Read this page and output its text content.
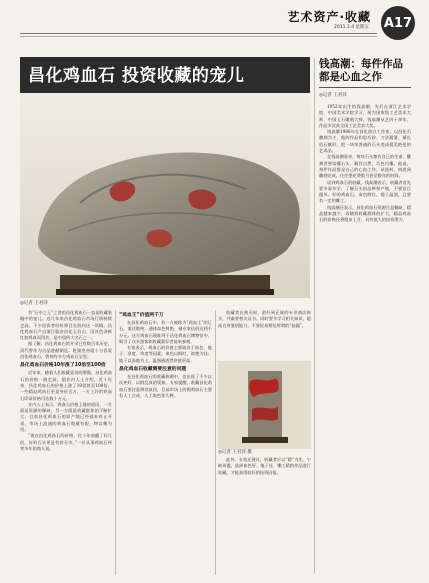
艺术资产·收藏
2011.3.4 星期五 A17
昌化鸡血石 投资收藏的宠儿
◎记者 王君萍
钱高潮：每件作品都是心血之作
◎记者 王君萍

1952年出生的钱高潮，先后在浙江艺术学院、中国美术学院学习，现为国家级工艺美术大师、中国玉石雕刻大师，钱高潮从艺四十余年，作品多次获全国工艺美术大奖。

钱高潮1986年在昌化创办工作室，以昌化石雕刻为主，他的作品构思巧妙、刀法精湛，擅长依石赋形，把一块块普通的石头变成精美绝伦的艺术品。

在钱高潮看来，每块石头都有自己的生命，雕刻者要读懂石头，顺其自然，巧色巧雕。他说，每件作品都是自己的心血之作，从选料、构思到雕刻完成，往往要花费数月甚至数年的时间。

谈到鸡血石的收藏，钱高潮表示，收藏者首先要多看多学，了解石头的品种和产地，不要盲目跟风。好的鸡血石，血色鲜红，地子温润，且要有一定的雕工。

钱高潮还表示，昌化鸡血石资源日益稀缺，精品越来越少，而随着收藏群体的扩大，精品鸡血石的价格还将稳步上升，具有很大的投资潜力。

有“石中之王”之誉的昌化鸡血石一直是收藏家眼中的宠儿。近几年来昌化鸡血石市场行情持续走高，不少投资者纷纷将目光投向这一领域。昌化鸡血石产自浙江临安昌化玉岩山，因其色泽鲜红如鸡血而得名，是中国四大名石之一。

据了解，昌化鸡血石的开采已有数百年历史，清代曾作为贡品进献朝廷。乾隆皇帝就十分喜爱昌化鸡血石，曾刻有多方鸡血石宝玺。

昌化鸡血石价格10年涨了10倍至100倍

近年来，随着人们收藏意识的增强，昌化鸡血石的价格一路走高。据业内人士介绍，近十年来，昌化鸡血石的价格上涨了10倍甚至100倍，一些精品鸡血石更是身价百万，一方上好的鸡血石印章价格可达数十万元。

业内人士表示，鸡血石价格上涨的原因，一方面是资源的稀缺，另一方面是收藏群体的不断扩大。目前昌化鸡血石的原产地已经基本停止开采，市场上流通的鸡血石数量有限，物以稀为贵。

“现在昌化鸡血石的价格，比十年前翻了好几倍，好的石头更是有价无市。”一位从事鸡血石经营多年的商人说。

“鸡血王”价值两千万

在昌化鸡血石中，有一方被称为“鸡血王”的巨石，重达数吨，通体血色鲜艳，被专家估价达两千万元。这方鸡血石现陈列于昌化鸡血石博物馆中，吸引了众多游客和收藏爱好者前来参观。

专家表示，鸡血石的价值主要取决于血色、地子、净度、块度等因素。血色以鲜红、浓艳为佳；地子以冻地为上，温润通透者价值更高。

昌化鸡血石收藏需要注意的问题

在昌化鸡血石的收藏热潮中，也出现了不少以次充好、以假乱真的现象。专家提醒，收藏昌化鸡血石要注意辨别真伪，目前市场上的假鸡血石主要有人工合成、人工染色等几种。

收藏者在购买时，最好到正规的专业商店购买，并索要相关证书。同时要多学习相关知识，提高自身鉴别能力，不要轻易相信所谓的“捡漏”。

◎记者 王君萍 摄

此外，专家还建议，收藏者应以“精”为先，宁缺毋滥，选择血色好、地子佳、雕工精的作品进行收藏，才能获得较好的投资回报。
